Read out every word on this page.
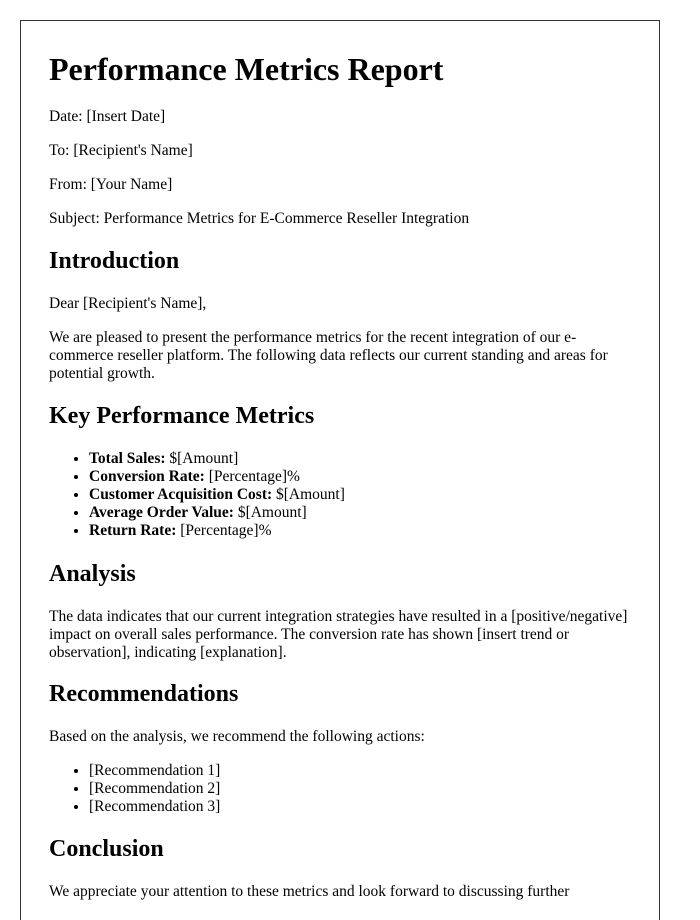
Performance Metrics Report

Date: [Insert Date]

To: [Recipient's Name]

From: [Your Name]

Subject: Performance Metrics for E-Commerce Reseller Integration

Introduction

Dear [Recipient's Name],

We are pleased to present the performance metrics for the recent integration of our e-commerce reseller platform. The following data reflects our current standing and areas for potential growth.

Key Performance Metrics
• Total Sales: $[Amount]
• Conversion Rate: [Percentage]%
• Customer Acquisition Cost: $[Amount]
• Average Order Value: $[Amount]
• Return Rate: [Percentage]%
Analysis

The data indicates that our current integration strategies have resulted in a [positive/negative] impact on overall sales performance. The conversion rate has shown [insert trend or observation], indicating [explanation].

Recommendations

Based on the analysis, we recommend the following actions:

• [Recommendation 1]
• [Recommendation 2]
• [Recommendation 3]
Conclusion

We appreciate your attention to these metrics and look forward to discussing further
